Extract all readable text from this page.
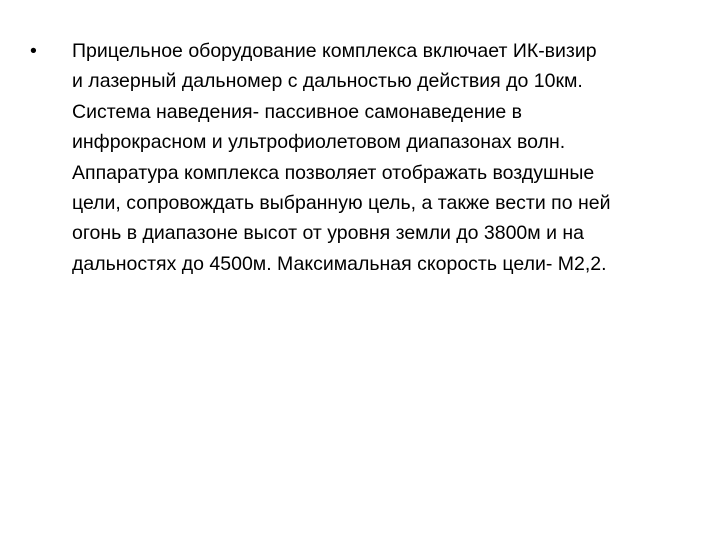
•	Прицельное оборудование комплекса включает ИК-визир
и лазерный дальномер с дальностью действия до 10км.
Система наведения- пассивное самонаведение в
инфрокрасном и ультрофиолетовом диапазонах волн.
Аппаратура комплекса позволяет отображать воздушные
цели, сопровождать выбранную цель, а также вести по ней
огонь в диапазоне высот от уровня земли до 3800м и на
дальностях до 4500м. Максимальная скорость цели- М2,2.
